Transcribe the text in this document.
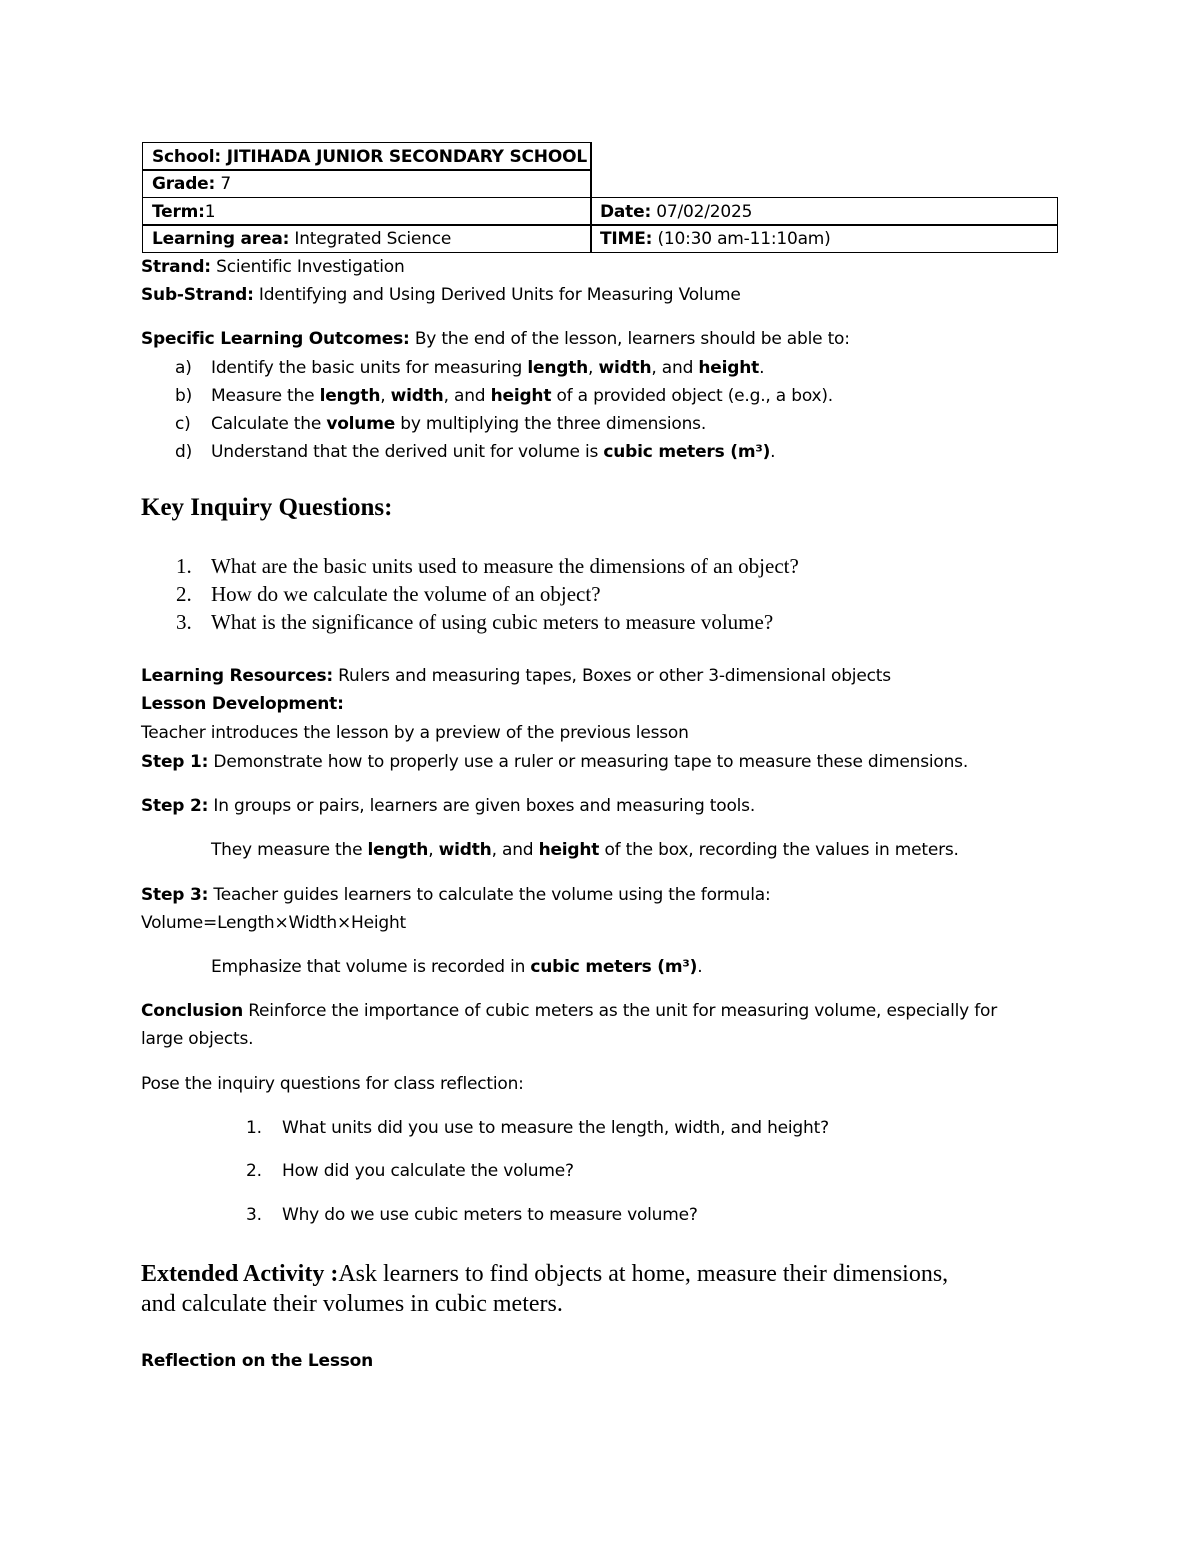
School: JITIHADA JUNIOR SECONDARY SCHOOL
Grade: 7
Term:1	Date: 07/02/2025
Learning area: Integrated Science	TIME: (10:30 am-11:10am)
Strand: Scientific Investigation
Sub-Strand: Identifying and Using Derived Units for Measuring Volume
Specific Learning Outcomes: By the end of the lesson, learners should be able to:
a) Identify the basic units for measuring length, width, and height.
b) Measure the length, width, and height of a provided object (e.g., a box).
c) Calculate the volume by multiplying the three dimensions.
d) Understand that the derived unit for volume is cubic meters (m³).
Key Inquiry Questions:
1. What are the basic units used to measure the dimensions of an object?
2. How do we calculate the volume of an object?
3. What is the significance of using cubic meters to measure volume?
Learning Resources: Rulers and measuring tapes, Boxes or other 3-dimensional objects
Lesson Development:
Teacher introduces the lesson by a preview of the previous lesson
Step 1: Demonstrate how to properly use a ruler or measuring tape to measure these dimensions.
Step 2: In groups or pairs, learners are given boxes and measuring tools.
They measure the length, width, and height of the box, recording the values in meters.
Step 3: Teacher guides learners to calculate the volume using the formula:
Volume=Length×Width×Height
Emphasize that volume is recorded in cubic meters (m³).
Conclusion Reinforce the importance of cubic meters as the unit for measuring volume, especially for
large objects.
Pose the inquiry questions for class reflection:
1. What units did you use to measure the length, width, and height?
2. How did you calculate the volume?
3. Why do we use cubic meters to measure volume?
Extended Activity :Ask learners to find objects at home, measure their dimensions,
and calculate their volumes in cubic meters.
Reflection on the Lesson
